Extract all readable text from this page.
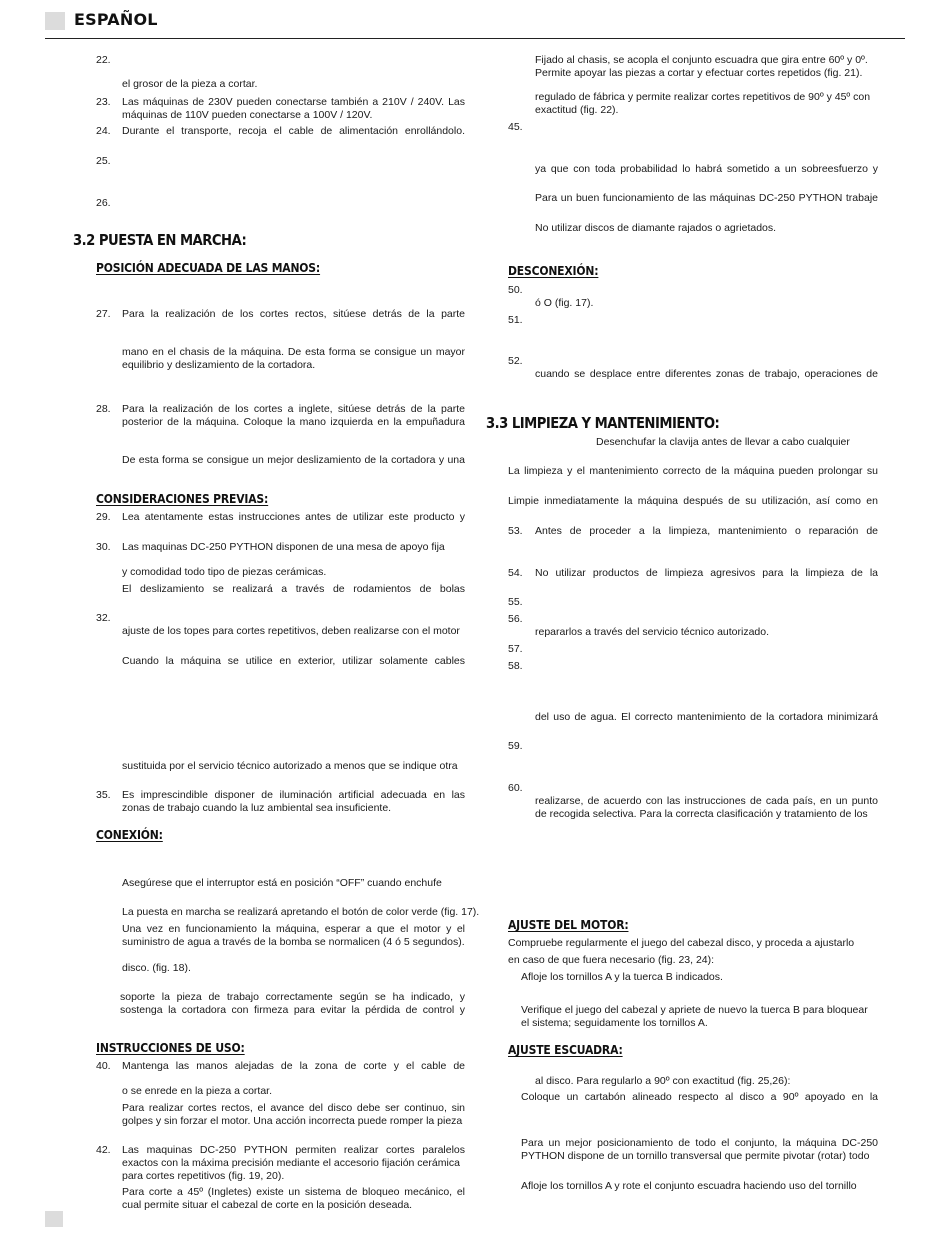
ESPAÑOL
22.
el grosor de la pieza a cortar.
23. Las máquinas de 230V pueden conectarse también a 210V / 240V. Las
máquinas de 110V pueden conectarse a 100V / 120V.
24. Durante el transporte, recoja el cable de alimentación enrollándolo.
25.
26.
3.2 PUESTA EN MARCHA:
POSICIÓN ADECUADA DE LAS MANOS:
27. Para la realización de los cortes rectos, sitúese detrás de la parte
mano en el chasis de la máquina. De esta forma se consigue un mayor
equilibrio y deslizamiento de la cortadora.
28. Para la realización de los cortes a inglete, sitúese detrás de la parte
posterior de la máquina. Coloque la mano izquierda en la empuñadura
De esta forma se consigue un mejor deslizamiento de la cortadora y una
CONSIDERACIONES PREVIAS:
29. Lea atentamente estas instrucciones antes de utilizar este producto y
30. Las maquinas DC-250 PYTHON disponen de una mesa de apoyo fija
y comodidad todo tipo de piezas cerámicas.
El deslizamiento se realizará a través de rodamientos de bolas
32.
ajuste de los topes para cortes repetitivos, deben realizarse con el motor
Cuando la máquina se utilice en exterior, utilizar solamente cables
sustituida por el servicio técnico autorizado a menos que se indique otra
35. Es imprescindible disponer de iluminación artificial adecuada en las
zonas de trabajo cuando la luz ambiental sea insuficiente.
CONEXIÓN:
Asegúrese que el interruptor está en posición “OFF” cuando enchufe
La puesta en marcha se realizará apretando el botón de color verde (fig. 17).
Una vez en funcionamiento la máquina, esperar a que el motor y el
suministro de agua a través de la bomba se normalicen (4 ó 5 segundos).
disco. (fig. 18).
soporte la pieza de trabajo correctamente según se ha indicado, y
sostenga la cortadora con firmeza para evitar la pérdida de control y
INSTRUCCIONES DE USO:
40. Mantenga las manos alejadas de la zona de corte y el cable de
o se enrede en la pieza a cortar.
Para realizar cortes rectos, el avance del disco debe ser continuo, sin
golpes y sin forzar el motor. Una acción incorrecta puede romper la pieza
42. Las maquinas DC-250 PYTHON permiten realizar cortes paralelos
exactos con la máxima precisión mediante el accesorio fijación cerámica
para cortes repetitivos (fig. 19, 20).
Para corte a 45º (Ingletes) existe un sistema de bloqueo mecánico, el
cual permite situar el cabezal de corte en la posición deseada.
Fijado al chasis, se acopla el conjunto escuadra que gira entre 60º y 0º.
Permite apoyar las piezas a cortar y efectuar cortes repetidos (fig. 21).
regulado de fábrica y permite realizar cortes repetitivos de 90º y 45º con
exactitud (fig. 22).
45.
ya que con toda probabilidad lo habrá sometido a un sobreesfuerzo y
Para un buen funcionamiento de las máquinas DC-250 PYTHON trabaje
No utilizar discos de diamante rajados o agrietados.
DESCONEXIÓN:
50.
ó O (fig. 17).
51.
52.
cuando se desplace entre diferentes zonas de trabajo, operaciones de
3.3 LIMPIEZA Y MANTENIMIENTO:
Desenchufar la clavija antes de llevar a cabo cualquier
La limpieza y el mantenimiento correcto de la máquina pueden prolongar su
Limpie inmediatamente la máquina después de su utilización, así como en
53. Antes de proceder a la limpieza, mantenimiento o reparación de
54. No utilizar productos de limpieza agresivos para la limpieza de la
55.
56.
repararlos a través del servicio técnico autorizado.
57.
58.
del uso de agua. El correcto mantenimiento de la cortadora minimizará
59.
60.
realizarse, de acuerdo con las instrucciones de cada país, en un punto
de recogida selectiva. Para la correcta clasificación y tratamiento de los
AJUSTE DEL MOTOR:
Compruebe regularmente el juego del cabezal disco, y proceda a ajustarlo
en caso de que fuera necesario (fig. 23, 24):
Afloje los tornillos A y la tuerca B indicados.
Verifique el juego del cabezal y apriete de nuevo la tuerca B para bloquear
el sistema; seguidamente los tornillos A.
AJUSTE ESCUADRA:
al disco. Para regularlo a 90º con exactitud (fig. 25,26):
Coloque un cartabón alineado respecto al disco a 90º apoyado en la
Para un mejor posicionamiento de todo el conjunto, la máquina DC-250
PYTHON dispone de un tornillo transversal que permite pivotar (rotar) todo
Afloje los tornillos A y rote el conjunto escuadra haciendo uso del tornillo
